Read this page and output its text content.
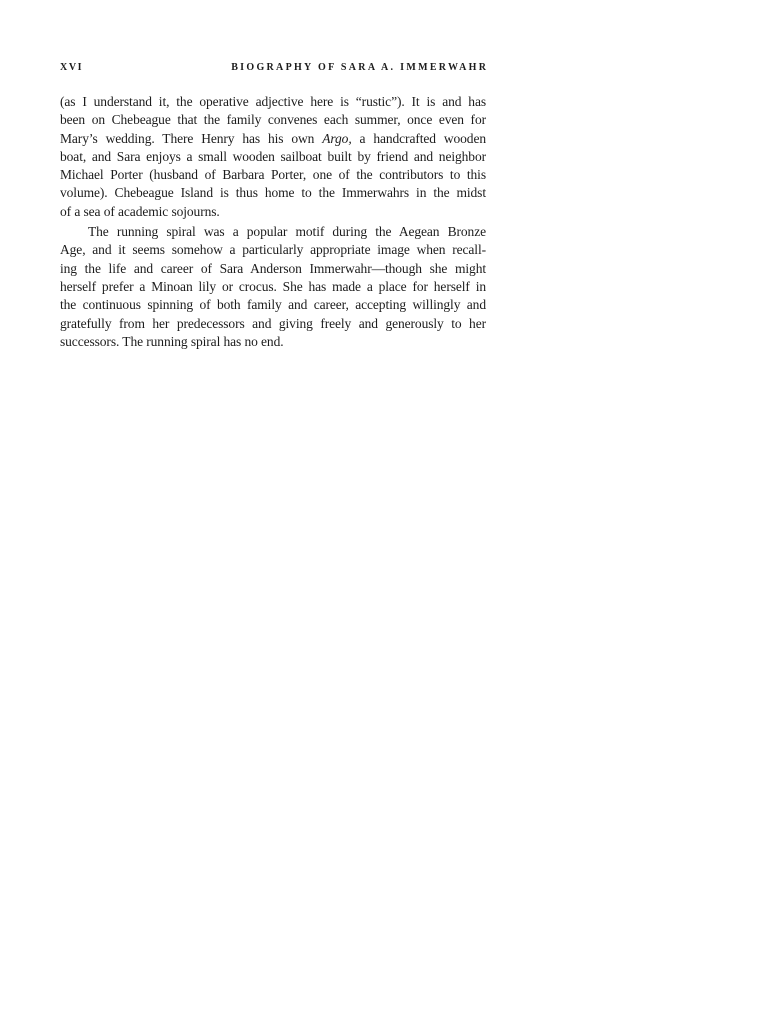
XVI	BIOGRAPHY OF SARA A. IMMERWAHR
(as I understand it, the operative adjective here is “rustic”). It is and has
been on Chebeague that the family convenes each summer, once even for
Mary’s wedding. There Henry has his own Argo, a handcrafted wooden
boat, and Sara enjoys a small wooden sailboat built by friend and neighbor
Michael Porter (husband of Barbara Porter, one of the contributors to this
volume). Chebeague Island is thus home to the Immerwahrs in the midst
of a sea of academic sojourns.
The running spiral was a popular motif during the Aegean Bronze
Age, and it seems somehow a particularly appropriate image when recall-
ing the life and career of Sara Anderson Immerwahr—though she might
herself prefer a Minoan lily or crocus. She has made a place for herself in
the continuous spinning of both family and career, accepting willingly and
gratefully from her predecessors and giving freely and generously to her
successors. The running spiral has no end.
